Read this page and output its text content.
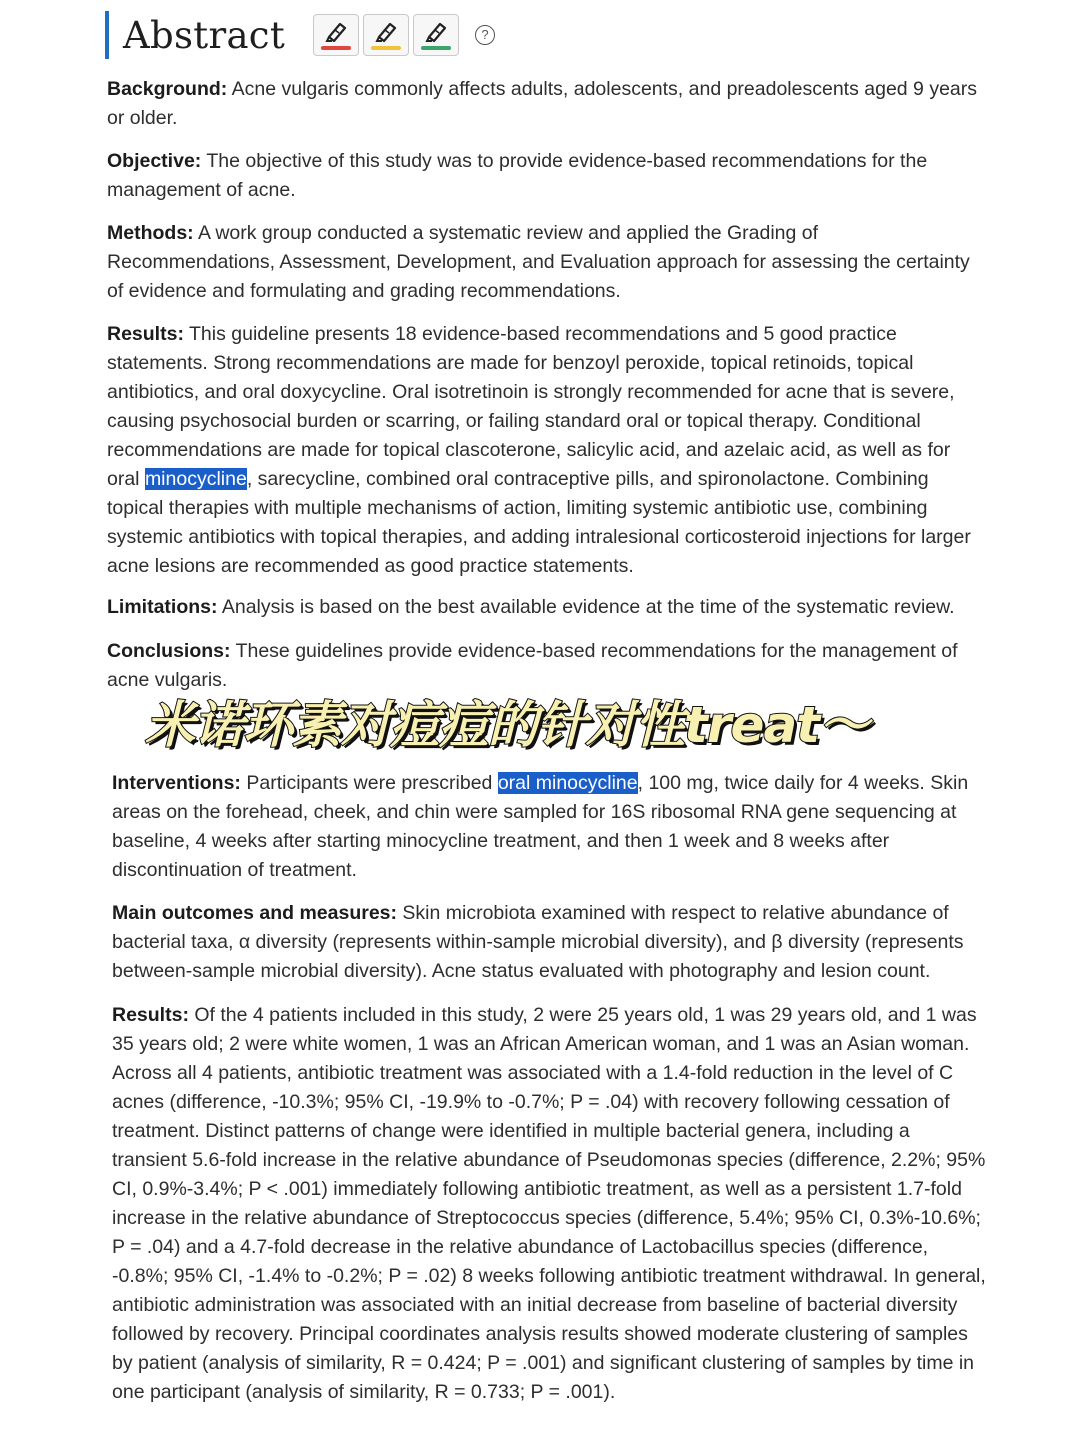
Abstract	?

Background: Acne vulgaris commonly affects adults, adolescents, and preadolescents aged 9 years or older.

Objective: The objective of this study was to provide evidence-based recommendations for the management of acne.

Methods: A work group conducted a systematic review and applied the Grading of Recommendations, Assessment, Development, and Evaluation approach for assessing the certainty of evidence and formulating and grading recommendations.

Results: This guideline presents 18 evidence-based recommendations and 5 good practice statements. Strong recommendations are made for benzoyl peroxide, topical retinoids, topical antibiotics, and oral doxycycline. Oral isotretinoin is strongly recommended for acne that is severe, causing psychosocial burden or scarring, or failing standard oral or topical therapy. Conditional recommendations are made for topical clascoterone, salicylic acid, and azelaic acid, as well as for oral minocycline, sarecycline, combined oral contraceptive pills, and spironolactone. Combining topical therapies with multiple mechanisms of action, limiting systemic antibiotic use, combining systemic antibiotics with topical therapies, and adding intralesional corticosteroid injections for larger acne lesions are recommended as good practice statements.

Limitations: Analysis is based on the best available evidence at the time of the systematic review.

Conclusions: These guidelines provide evidence-based recommendations for the management of acne vulgaris.

米诺环素对痘痘的针对性treat～

Interventions: Participants were prescribed oral minocycline, 100 mg, twice daily for 4 weeks. Skin areas on the forehead, cheek, and chin were sampled for 16S ribosomal RNA gene sequencing at baseline, 4 weeks after starting minocycline treatment, and then 1 week and 8 weeks after discontinuation of treatment.

Main outcomes and measures: Skin microbiota examined with respect to relative abundance of bacterial taxa, α diversity (represents within-sample microbial diversity), and β diversity (represents between-sample microbial diversity). Acne status evaluated with photography and lesion count.

Results: Of the 4 patients included in this study, 2 were 25 years old, 1 was 29 years old, and 1 was 35 years old; 2 were white women, 1 was an African American woman, and 1 was an Asian woman. Across all 4 patients, antibiotic treatment was associated with a 1.4-fold reduction in the level of C acnes (difference, -10.3%; 95% CI, -19.9% to -0.7%; P = .04) with recovery following cessation of treatment. Distinct patterns of change were identified in multiple bacterial genera, including a transient 5.6-fold increase in the relative abundance of Pseudomonas species (difference, 2.2%; 95% CI, 0.9%-3.4%; P < .001) immediately following antibiotic treatment, as well as a persistent 1.7-fold increase in the relative abundance of Streptococcus species (difference, 5.4%; 95% CI, 0.3%-10.6%; P = .04) and a 4.7-fold decrease in the relative abundance of Lactobacillus species (difference, -0.8%; 95% CI, -1.4% to -0.2%; P = .02) 8 weeks following antibiotic treatment withdrawal. In general, antibiotic administration was associated with an initial decrease from baseline of bacterial diversity followed by recovery. Principal coordinates analysis results showed moderate clustering of samples by patient (analysis of similarity, R = 0.424; P = .001) and significant clustering of samples by time in one participant (analysis of similarity, R = 0.733; P = .001).
